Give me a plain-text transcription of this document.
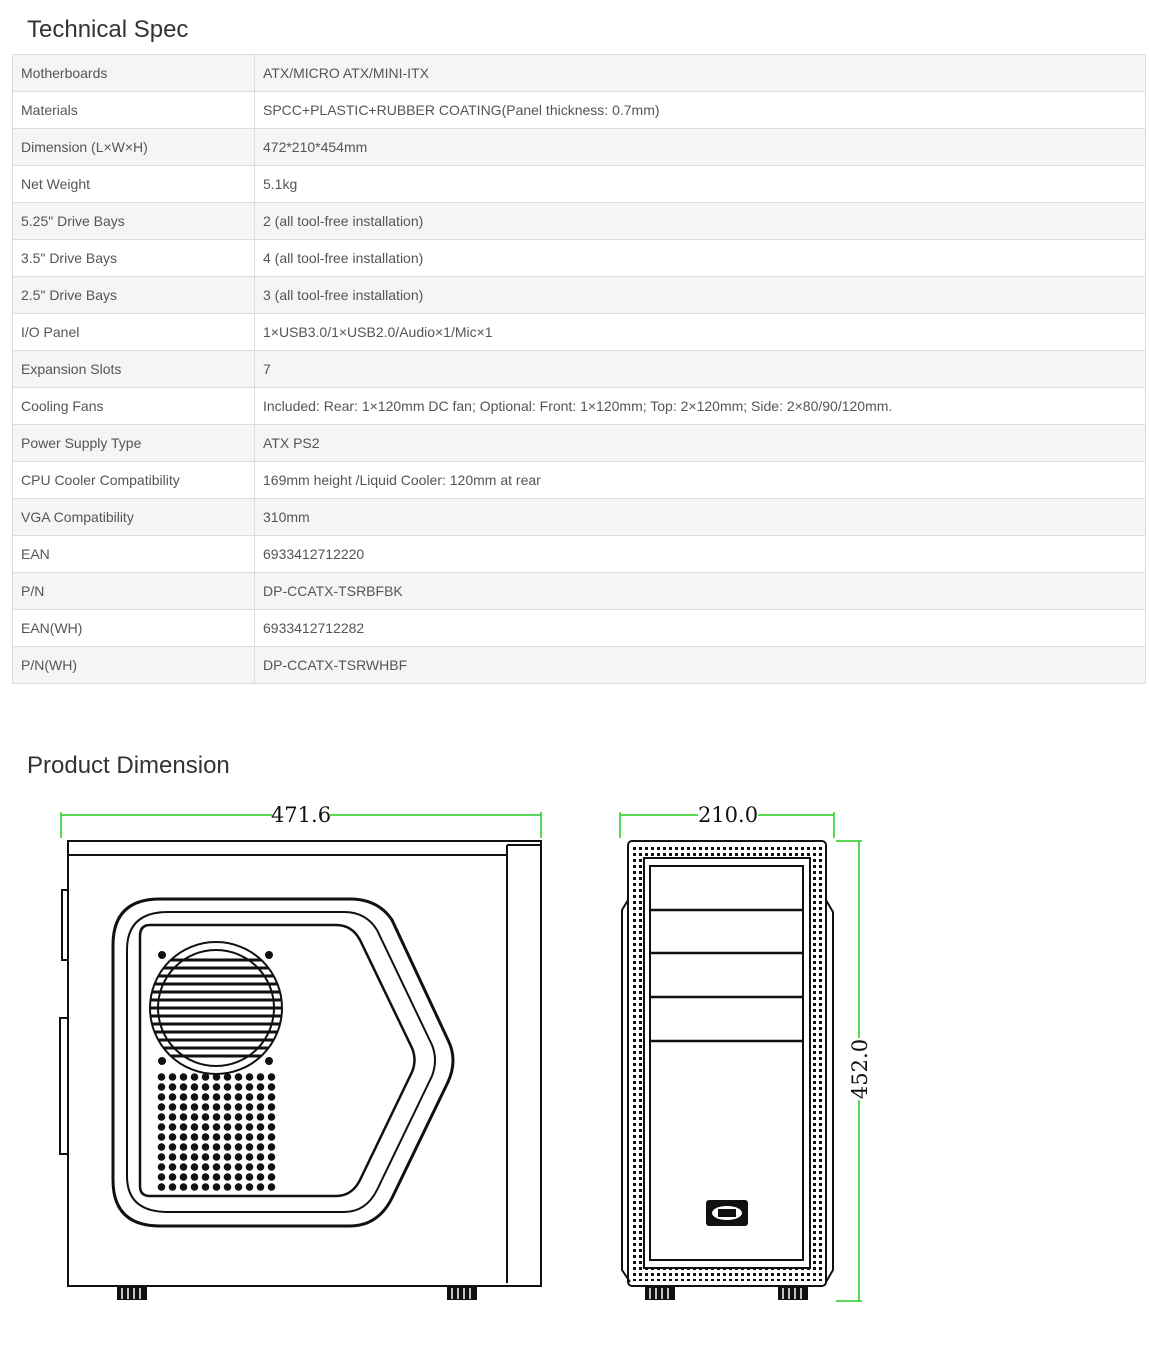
Technical Spec
Motherboards	ATX/MICRO ATX/MINI-ITX
Materials	SPCC+PLASTIC+RUBBER COATING(Panel thickness: 0.7mm)
Dimension (L×W×H)	472*210*454mm
Net Weight	5.1kg
5.25" Drive Bays	2 (all tool-free installation)
3.5" Drive Bays	4 (all tool-free installation)
2.5" Drive Bays	3 (all tool-free installation)
I/O Panel	1×USB3.0/1×USB2.0/Audio×1/Mic×1
Expansion Slots	7
Cooling Fans	Included: Rear: 1×120mm DC fan; Optional: Front: 1×120mm; Top: 2×120mm; Side: 2×80/90/120mm.
Power Supply Type	ATX PS2
CPU Cooler Compatibility	169mm height /Liquid Cooler: 120mm at rear
VGA Compatibility	310mm
EAN	6933412712220
P/N	DP-CCATX-TSRBFBK
EAN(WH)	6933412712282
P/N(WH)	DP-CCATX-TSRWHBF
Product Dimension
471.6	210.0
452.0
